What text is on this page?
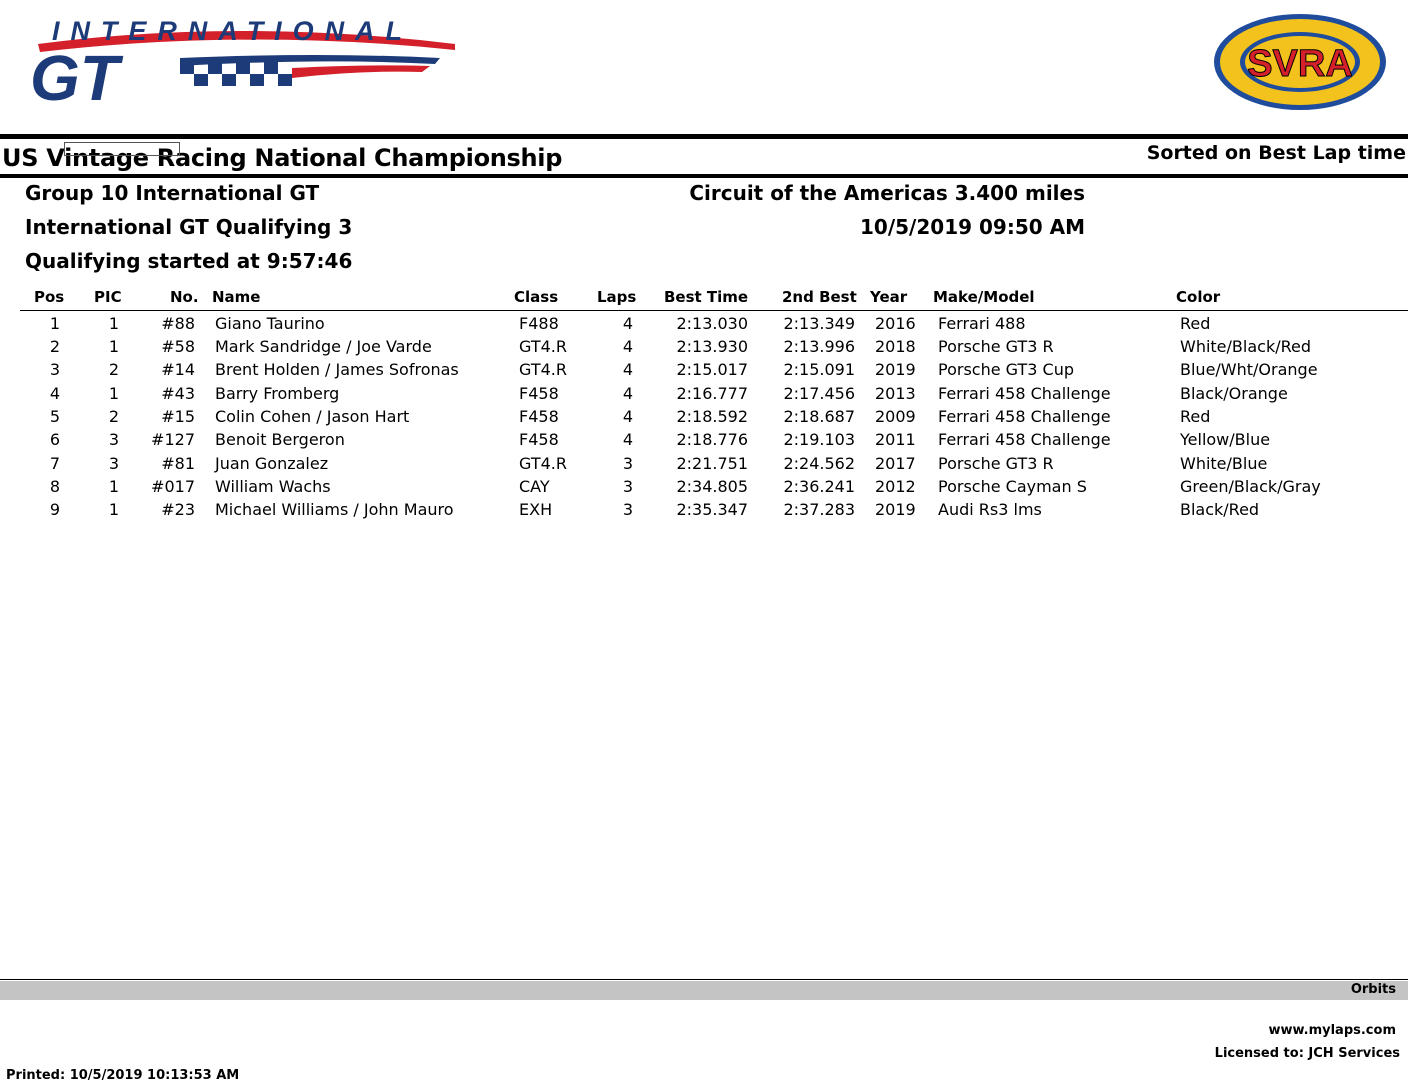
INTERNATIONAL
GT	SVRA
US Vintage Racing National Championship	Sorted on Best Lap time
Group 10 International GT
International GT Qualifying 3
Qualifying started at 9:57:46
Circuit of the Americas 3.400 miles
10/5/2019 09:50 AM
Pos PIC	No. Name	Class	Laps Best Time 2nd Best Year Make/Model	Color
1	1	#88 Giano Taurino	F488	4	2:13.030 2:13.349 2016 Ferrari 488	Red
2	1	#58 Mark Sandridge / Joe Varde	GT4.R	4	2:13.930 2:13.996 2018 Porsche GT3 R	White/Black/Red
3	2	#14 Brent Holden / James Sofronas	GT4.R	4	2:15.017 2:15.091 2019 Porsche GT3 Cup	Blue/Wht/Orange
4	1	#43 Barry Fromberg	F458	4	2:16.777 2:17.456 2013 Ferrari 458 Challenge	Black/Orange
5	2	#15 Colin Cohen / Jason Hart	F458	4	2:18.592 2:18.687 2009 Ferrari 458 Challenge	Red
6	3 #127 Benoit Bergeron	F458	4	2:18.776 2:19.103 2011 Ferrari 458 Challenge	Yellow/Blue
7	3	#81 Juan Gonzalez	GT4.R	3	2:21.751 2:24.562 2017 Porsche GT3 R	White/Blue
8	1 #017 William Wachs	CAY	3	2:34.805 2:36.241 2012 Porsche Cayman S	Green/Black/Gray
9	1	#23 Michael Williams / John Mauro	EXH	3	2:35.347 2:37.283 2019 Audi Rs3 lms	Black/Red
Orbits
www.mylaps.com
Licensed to: JCH Services
Printed: 10/5/2019 10:13:53 AM
